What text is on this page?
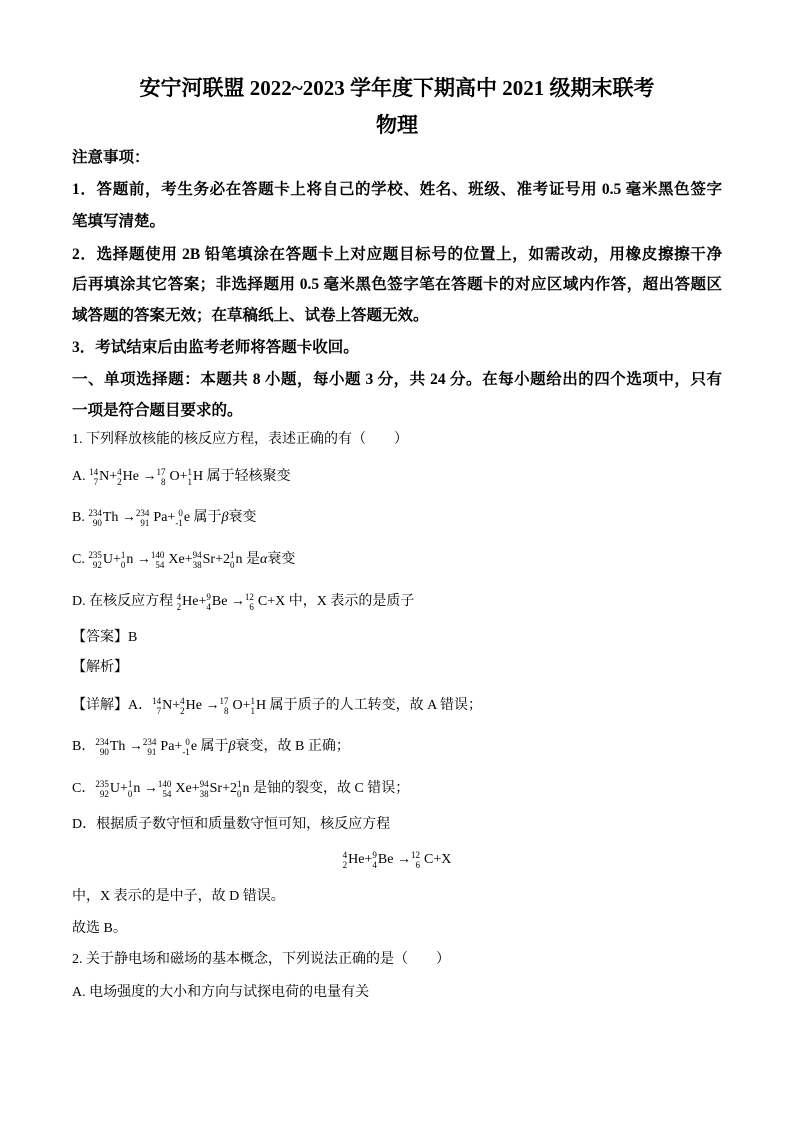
安宁河联盟 2022~2023 学年度下期高中 2021 级期末联考
物理
注意事项：
1．答题前，考生务必在答题卡上将自己的学校、姓名、班级、准考证号用 0.5 毫米黑色签字
笔填写清楚。
2．选择题使用 2B 铅笔填涂在答题卡上对应题目标号的位置上，如需改动，用橡皮擦擦干净
后再填涂其它答案；非选择题用 0.5 毫米黑色签字笔在答题卡的对应区域内作答，超出答题区
域答题的答案无效；在草稿纸上、试卷上答题无效。
3．考试结束后由监考老师将答题卡收回。
一、单项选择题：本题共 8 小题，每小题 3 分，共 24 分。在每小题给出的四个选项中，只有
一项是符合题目要求的。
1. 下列释放核能的核反应方程，表述正确的有（　　）
A. 14
7 N+ 4
2 He → 17
8 O+ 1
1 H 属于轻核聚变
B. 234
90 Th → 234
91 Pa+ 0
-1 e 属于β衰变
C. 235
92 U+ 1
0 n → 140
54 Xe+ 94
38 Sr+2 1
0 n 是α衰变
D. 在核反应方程 4
2 He+ 9
4 Be → 12
6 C+X 中，X 表示的是质子
【答案】B
【解析】
【详解】A． 14
7 N+ 4
2 He → 17
8 O+ 1
1 H 属于质子的人工转变，故 A 错误；
B． 234
90 Th → 234
91 Pa+ 0
-1 e 属于β衰变，故 B 正确；
C． 235
92 U+ 1
0 n → 140
54 Xe+ 94
38 Sr+2 1
0 n 是铀的裂变，故 C 错误；
D．根据质子数守恒和质量数守恒可知，核反应方程
4
2 He+ 9
4 Be → 12
6 C+X
中，X 表示的是中子，故 D 错误。
故选 B。
2. 关于静电场和磁场的基本概念，下列说法正确的是（　　）
A. 电场强度的大小和方向与试探电荷的电量有关
